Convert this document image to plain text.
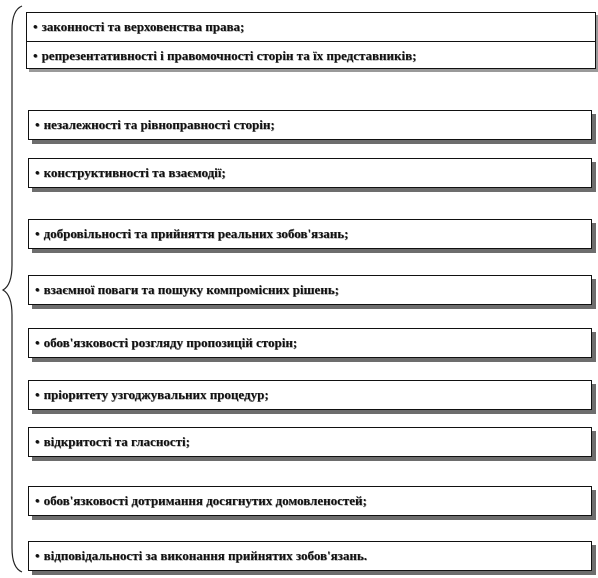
• законності та верховенства права;
• репрезентативності і правомочності сторін та їх представників;
• незалежності та рівноправності сторін;
• конструктивності та взаємодії;
• добровільності та прийняття реальних зобов'язань;
• взаємної поваги та пошуку компромісних рішень;
• обов'язковості розгляду пропозицій сторін;
• пріоритету узгоджувальних процедур;
• відкритості та гласності;
• обов'язковості дотримання досягнутих домовленостей;
• відповідальності за виконання прийнятих зобов'язань.
